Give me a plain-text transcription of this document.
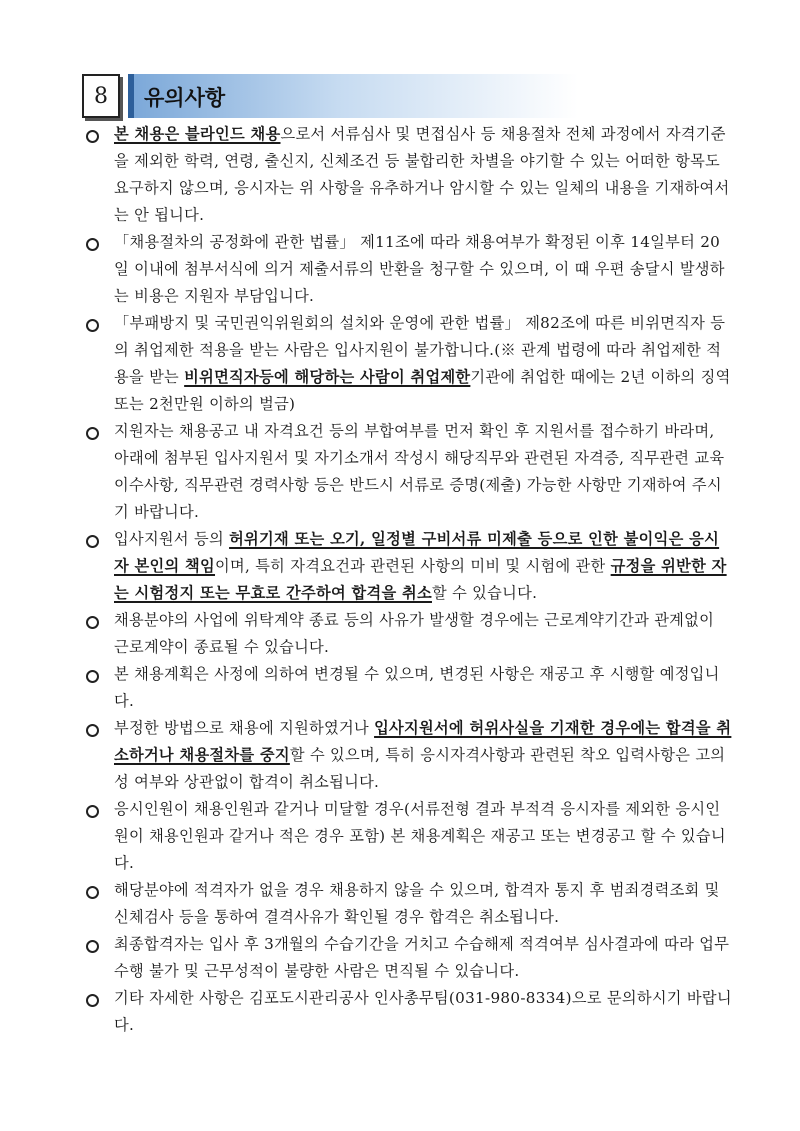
8	유의사항

본 채용은 블라인드 채용으로서 서류심사 및 면접심사 등 채용절차 전체 과정에서 자격기준을 제외한 학력, 연령, 출신지, 신체조건 등 불합리한 차별을 야기할 수 있는 어떠한 항목도 요구하지 않으며, 응시자는 위 사항을 유추하거나 암시할 수 있는 일체의 내용을 기재하여서는 안 됩니다.

「채용절차의 공정화에 관한 법률」 제11조에 따라 채용여부가 확정된 이후 14일부터 20일 이내에 첨부서식에 의거 제출서류의 반환을 청구할 수 있으며, 이 때 우편 송달시 발생하는 비용은 지원자 부담입니다.

「부패방지 및 국민권익위원회의 설치와 운영에 관한 법률」 제82조에 따른 비위면직자 등의 취업제한 적용을 받는 사람은 입사지원이 불가합니다.(※ 관계 법령에 따라 취업제한 적용을 받는 비위면직자등에 해당하는 사람이 취업제한기관에 취업한 때에는 2년 이하의 징역 또는 2천만원 이하의 벌금)

지원자는 채용공고 내 자격요건 등의 부합여부를 먼저 확인 후 지원서를 접수하기 바라며, 아래에 첨부된 입사지원서 및 자기소개서 작성시 해당직무와 관련된 자격증, 직무관련 교육이수사항, 직무관련 경력사항 등은 반드시 서류로 증명(제출) 가능한 사항만 기재하여 주시기 바랍니다.

입사지원서 등의 허위기재 또는 오기, 일정별 구비서류 미제출 등으로 인한 불이익은 응시자 본인의 책임이며, 특히 자격요건과 관련된 사항의 미비 및 시험에 관한 규정을 위반한 자는 시험정지 또는 무효로 간주하여 합격을 취소할 수 있습니다.

채용분야의 사업에 위탁계약 종료 등의 사유가 발생할 경우에는 근로계약기간과 관계없이 근로계약이 종료될 수 있습니다.

본 채용계획은 사정에 의하여 변경될 수 있으며, 변경된 사항은 재공고 후 시행할 예정입니다.

부정한 방법으로 채용에 지원하였거나 입사지원서에 허위사실을 기재한 경우에는 합격을 취소하거나 채용절차를 중지할 수 있으며, 특히 응시자격사항과 관련된 착오 입력사항은 고의성 여부와 상관없이 합격이 취소됩니다.

응시인원이 채용인원과 같거나 미달할 경우(서류전형 결과 부적격 응시자를 제외한 응시인원이 채용인원과 같거나 적은 경우 포함) 본 채용계획은 재공고 또는 변경공고 할 수 있습니다.

해당분야에 적격자가 없을 경우 채용하지 않을 수 있으며, 합격자 통지 후 범죄경력조회 및 신체검사 등을 통하여 결격사유가 확인될 경우 합격은 취소됩니다.

최종합격자는 입사 후 3개월의 수습기간을 거치고 수습해제 적격여부 심사결과에 따라 업무수행 불가 및 근무성적이 불량한 사람은 면직될 수 있습니다.

기타 자세한 사항은 김포도시관리공사 인사총무팀(031-980-8334)으로 문의하시기 바랍니다.
